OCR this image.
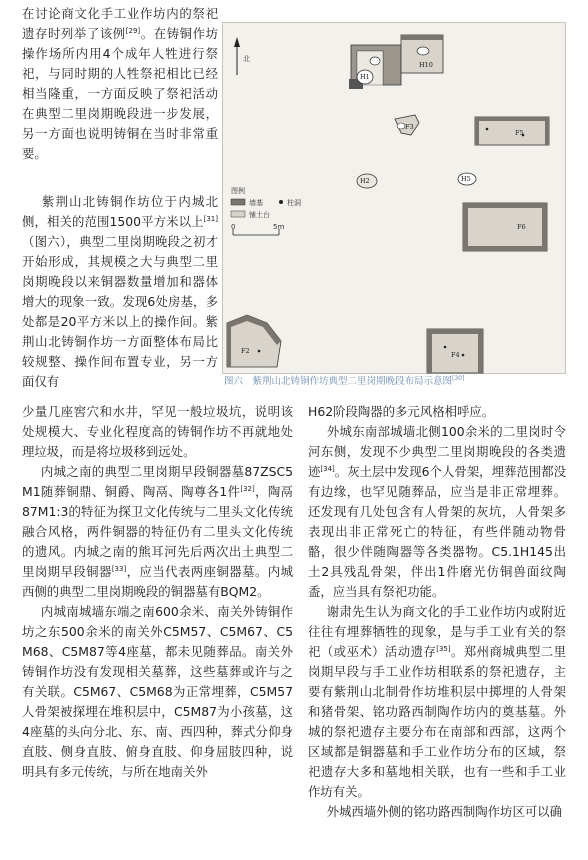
在讨论商文化手工业作坊内的祭祀遗存时列举了该例[29]。在铸铜作坊操作场所内用4个成年人牲进行祭祀，与同时期的人牲祭祀相比已经相当隆重，一方面反映了祭祀活动在典型二里岗期晚段进一步发展，另一方面也说明铸铜在当时非常重要。

  紫荆山北铸铜作坊位于内城北侧，相关的范围1500平方米以上[31]（图六），典型二里岗期晚段之初才开始形成，其规模之大与典型二里岗期晚段以来铜器数量增加和器体增大的现象一致。发现6处房基，多处都是20平方米以上的操作间。紫荆山北铸铜作坊一方面整体布局比较规整、操作间布置专业，另一方面仅有

北
H1
H10
F3
F5
H5
H2
F6
图例
墙基	柱洞
铺土台
0	5m
F2	F4
图六　紫荆山北铸铜作坊典型二里岗期晚段布局示意图[30]
少量几座窖穴和水井，罕见一般垃圾坑，说明该处规模大、专业化程度高的铸铜作坊不再就地处理垃圾，而是将垃圾移到远处。
  内城之南的典型二里岗期早段铜器墓87ZSC5M1随葬铜鼎、铜爵、陶鬲、陶尊各1件[32]，陶鬲87M1:3的特征为探卫文化传统与二里头文化传统融合风格，两件铜器的特征仍有二里头文化传统的遗风。内城之南的熊耳河先后两次出土典型二里岗期早段铜器[33]，应当代表两座铜器墓。内城西侧的典型二里岗期晚段的铜器墓有BQM2。
  内城南城墙东端之南600余米、南关外铸铜作坊之东500余米的南关外C5M57、C5M67、C5M68、C5M87等4座墓，都未见随葬品。南关外铸铜作坊没有发现相关墓葬，这些墓葬或许与之有关联。C5M67、C5M68为正常埋葬，C5M57人骨架被探埋在堆积层中，C5M87为小孩墓，这4座墓的头向分北、东、南、西四种，葬式分仰身直肢、侧身直肢、俯身直肢、仰身屈肢四种，说明具有多元传统，与所在地南关外
H62阶段陶器的多元风格相呼应。
  外城东南部城墙北侧100余米的二里岗时令河东侧，发现不少典型二里岗期晚段的各类遗迹[34]。灰土层中发现6个人骨架，埋葬范围都没有边缘，也罕见随葬品，应当是非正常埋葬。还发现有几处包含有人骨架的灰坑，人骨架多表现出非正常死亡的特征，有些伴随动物骨骼，很少伴随陶器等各类器物。C5.1H145出土2具残乱骨架，伴出1件磨光仿铜兽面纹陶盉，应当具有祭祀功能。
  谢肃先生认为商文化的手工业作坊内或附近往往有埋葬牺牲的现象，是与手工业有关的祭祀（或巫术）活动遗存[35]。郑州商城典型二里岗期早段与手工业作坊相联系的祭祀遗存，主要有紫荆山北制骨作坊堆积层中掷埋的人骨架和猪骨架、铭功路西制陶作坊内的奠基墓。外城的祭祀遗存主要分布在南部和西部，这两个区域都是铜器墓和手工业作坊分布的区域，祭祀遗存大多和墓地相关联，也有一些和手工业作坊有关。
  外城西墙外侧的铭功路西制陶作坊区可以确
